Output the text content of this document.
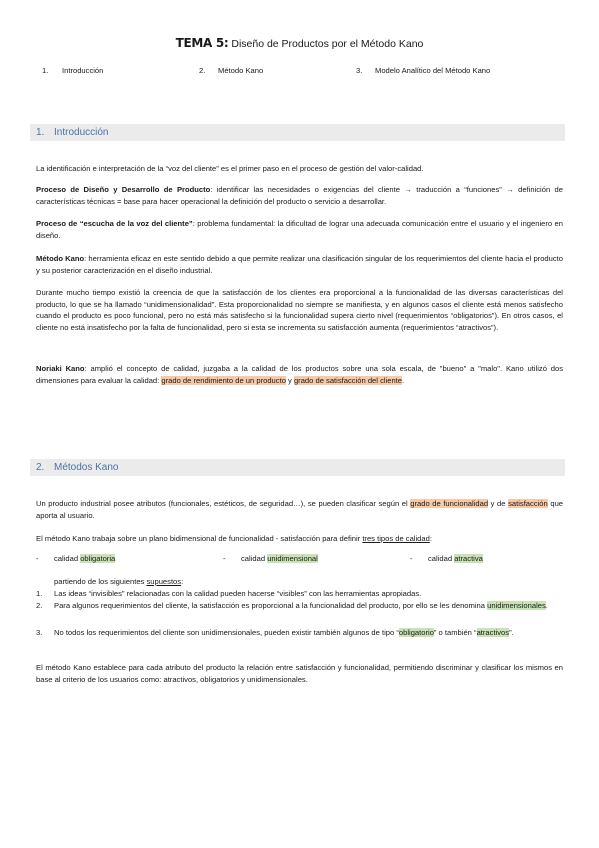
TEMA 5: Diseño de Productos por el Método Kano
1. Introducción	2. Método Kano	3. Modelo Analítico del Método Kano
1. Introducción
La identificación e interpretación de la “voz del cliente” es el primer paso en el proceso de gestión del valor-calidad.
Proceso de Diseño y Desarrollo de Producto: identificar las necesidades o exigencias del cliente → traducción a “funciones” → definición de características técnicas = base para hacer operacional la definición del producto o servicio a desarrollar.
Proceso de “escucha de la voz del cliente”: problema fundamental: la dificultad de lograr una adecuada comunicación entre el usuario y el ingeniero en diseño.
Método Kano: herramienta eficaz en este sentido debido a que permite realizar una clasificación singular de los requerimientos del cliente hacia el producto y su posterior caracterización en el diseño industrial.
Durante mucho tiempo existió la creencia de que la satisfacción de los clientes era proporcional a la funcionalidad de las diversas características del producto, lo que se ha llamado “unidimensionalidad”. Esta proporcionalidad no siempre se manifiesta, y en algunos casos el cliente está menos satisfecho cuando el producto es poco funcional, pero no está más satisfecho si la funcionalidad supera cierto nivel (requerimientos “obligatorios”). En otros casos, el cliente no está insatisfecho por la falta de funcionalidad, pero si esta se incrementa su satisfacción aumenta (requerimientos “atractivos”).
Noriaki Kano: amplió el concepto de calidad, juzgaba a la calidad de los productos sobre una sola escala, de "bueno" a "malo". Kano utilizó dos dimensiones para evaluar la calidad: grado de rendimiento de un producto y grado de satisfacción del cliente.
2. Métodos Kano
Un producto industrial posee atributos (funcionales, estéticos, de seguridad…), se pueden clasificar según el grado de funcionalidad y de satisfacción que aporta al usuario.
El método Kano trabaja sobre un plano bidimensional de funcionalidad - satisfacción para definir tres tipos de calidad:
- calidad obligatoria	- calidad unidimensional	- calidad atractiva
partiendo de los siguientes supuestos:
1. Las ideas “invisibles” relacionadas con la calidad pueden hacerse “visibles” con las herramientas apropiadas.
2. Para algunos requerimientos del cliente, la satisfacción es proporcional a la funcionalidad del producto, por ello se les denomina unidimensionales.
3. No todos los requerimientos del cliente son unidimensionales, pueden existir también algunos de tipo “obligatorio” o también “atractivos”.
El método Kano establece para cada atributo del producto la relación entre satisfacción y funcionalidad, permitiendo discriminar y clasificar los mismos en base al criterio de los usuarios como: atractivos, obligatorios y unidimensionales.
